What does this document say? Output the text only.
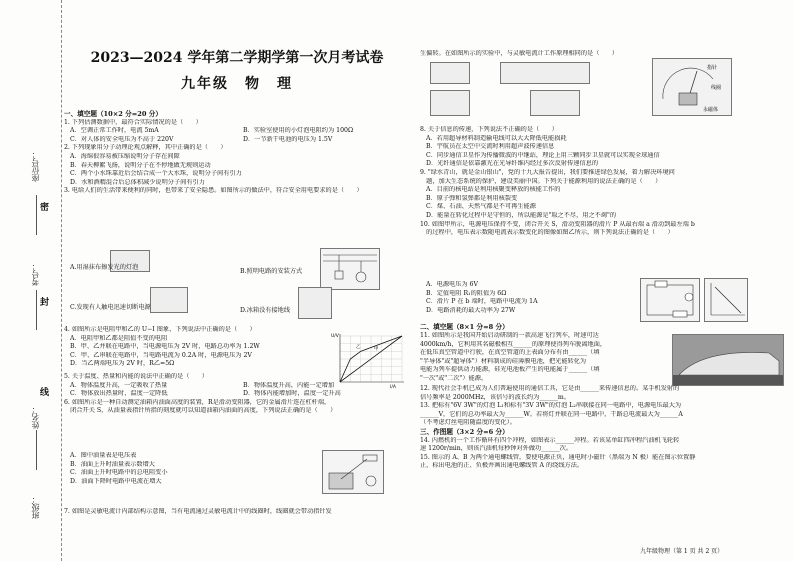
座位号：
考号：
姓名：
班级：
密
封
线
2023—2024 学年第二学期学第一次月考试卷
九年级　物　理
一、填空题（10×2 分=20 分）
1. 下列估测数据中，最符合实际情况的是（　　）
A．空调正常工作时，电流 5mA	B．实验室使用的小灯泡电阻约为 100Ω
C．对人体的安全电压为不高于 220V	D．一节新干电池的电压为 1.5V
2. 下列现象用分子动理论观点解释，其中正确的是（　　）
A．海绵很容易被压缩说明分子存在间隙
B．春天柳絮飞扬，说明分子在不停地做无规则运动
C．两个小水珠靠近后会结合成一个大水珠，说明分子间有引力
D．水和酒精混合后总体积减少说明分子间有引力
3. 电给人们的生活带来便利的同时，也带来了安全隐患。如图所示的做法中，符合安全用电要求的是（　　）
A.用湿抹布擦发光的灯泡
B.照明电路的安装方式
C.发现有人触电迅速切断电源	D.冰箱没有接地线
4. 如图所示是电阻甲和乙的 U−I 图象，下列说法中正确的是（　　）
A．电阻甲和乙都是阻值不变的电阻
B．甲、乙并联在电路中，当电源电压为 2V 时，电路总功率为 1.2W
C．甲、乙串联在电路中，当电路电流为 0.2A 时，电源电压为 2V
D．当乙两端电压为 2V 时，R乙=5Ω
I/A
U/V
甲
乙
5. 关于温度、热量和内能的说法中正确的是（　　）
A．物体温度升高，一定吸收了热量	B．物体温度升高，内能一定增加
C．物体放出热量时，温度一定降低	D．物体内能增加时，温度一定升高
6. 如图所示是一种自动测定油箱内油面高度的装置，R是滑动变阻器，它的金属滑片连在杠杆端，
　闭合开关 S，从油量表指针所指的刻度就可以知道油箱内油面的高度，下列说法正确的是（　　）
A．图中油量表是电压表
B．油面上升时油量表示数增大
C．油面上升时电路中的总电阻变小
D．油面下降时电路中电流在增大
7. 如图是灵敏电流计内部结构示意图，当有电流通过灵敏电流计中的线圈时，线圈就会带动指针发
生偏转。在如图所示的实验中，与灵敏电流计工作原理相同的是（　　）
指针
线圈
永磁体
8. 关于信息的传递，下列说法不正确的是（　　）
A．若用超导材料制造输电线可以大大降低电能损耗
B．宇航员在太空中交流时利用超声波传递信息
C．同步通信卫星作为传播微波的中继站，理论上用三颗同步卫星就可以实现全球通信
D．光纤通信是依靠激光在光导纤维内经过多次反射传递信息的
9. "绿水青山，就是金山银山"，党的十九大报告提出，我们要推进绿色发展，着力解决环境问
　题，加大生态系统的保护，建设美丽中国。下列关于能源利用的说法正确的是（　　）
A．目前的核电站是利用核聚变释放的核能工作的
B．原子弹和氢弹都是利用核裂变
C．煤、石油、天然气都是不可再生能源
D．能量在转化过程中是守恒的，所以能源是"取之不尽，用之不竭"的
10. 如图甲所示，电源电压保持不变，闭合开关 S，滑动变阻器的滑片 P 从最右端 a 滑动到最左端 b
　的过程中，电压表示数随电流表示数变化的图像如图乙所示，则下列说法正确的是（　　）
A．电源电压为 6V
B．定值电阻 R₁的阻值为 6Ω
C．滑片 P 在 b 端时，电路中电流为 1A
D．电路消耗的最大功率为 27W
二、填空题（8×1 分=8 分）
11. 如图所示是我国开始启动研制的一款高速飞行列车，时速可达
4000km/h，它利用其名磁极相互______的原理使得列车脱离地面，
在低压真空管道中行驶，在真空管道的上表面分布有由______（填
"半导体"或"超导体"）材料制成的硅薄膜电池，把光能转化为
电能为列车提供动力能源，硅光电池板产生的电能属于______（填
"一次"或"二次"）能源。
12. 现代社会手机已成为人们普遍使用的通信工具，它是由______来传递信息的。某手机发射的
信号频率是 2000MHz，该信号的波长约为______m。
13. 把标有"6V 3W"的灯泡 L₁和标有"3V 3W"的灯泡 L₂串联接在同一电路中，电源电压最大为
______V，它们的总功率最大为______W。若将灯并联在同一电路中，干路总电流最大为______A
（不考虑灯丝电阻随温度的变化）。
三、作图题（3×2 分=6 分）
14. 内燃机的一个工作循环有四个冲程，如图表示______冲程。若该某单缸四冲程汽油机飞轮转
速 1200r/min，则该汽油机每秒钟对外做功______次。
15. 图示的 A、B 为两个通电螺线管，要使电源正负，通电时小磁针（黑端为 N 极）能在图示位置静
止，标出电池的正、负极并画出通电螺线管 A 的绕线方法。
九年级物理（第 1 页 共 2 页）
